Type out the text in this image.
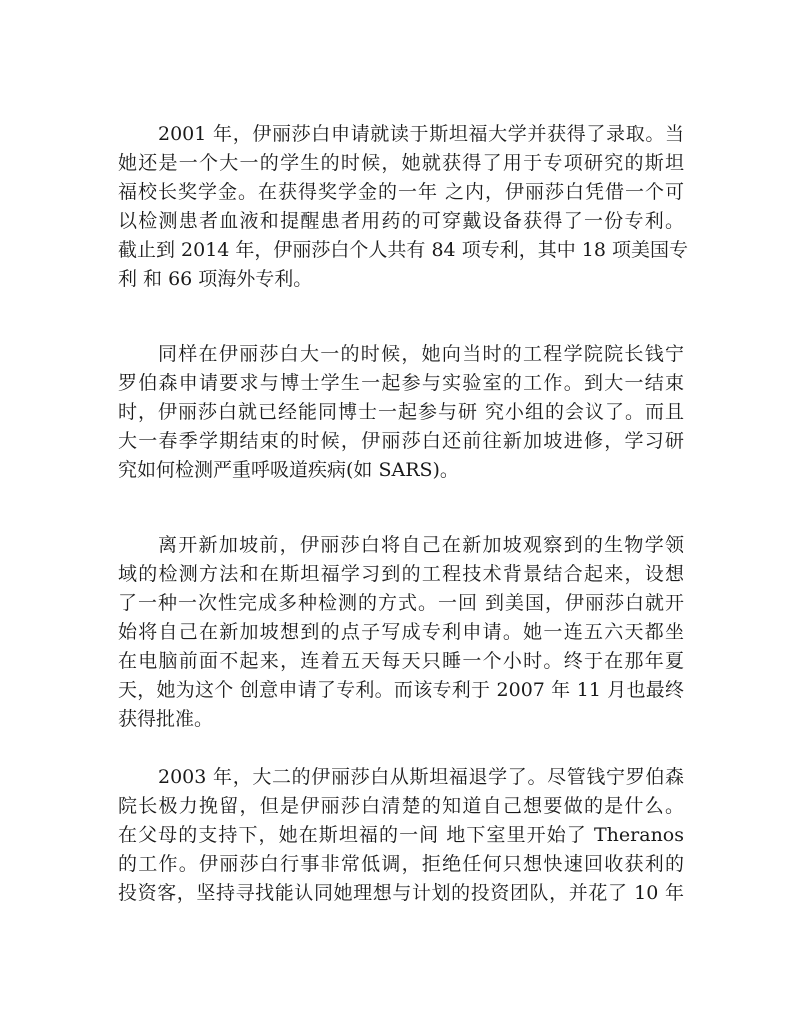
2001 年，伊丽莎白申请就读于斯坦福大学并获得了录取。当
她还是一个大一的学生的时候，她就获得了用于专项研究的斯坦
福校长奖学金。在获得奖学金的一年 之内，伊丽莎白凭借一个可
以检测患者血液和提醒患者用药的可穿戴设备获得了一份专利。
截止到 2014 年，伊丽莎白个人共有 84 项专利，其中 18 项美国专
利 和 66 项海外专利。
同样在伊丽莎白大一的时候，她向当时的工程学院院长钱宁
罗伯森申请要求与博士学生一起参与实验室的工作。到大一结束
时，伊丽莎白就已经能同博士一起参与研 究小组的会议了。而且
大一春季学期结束的时候，伊丽莎白还前往新加坡进修，学习研
究如何检测严重呼吸道疾病(如 SARS)。
离开新加坡前，伊丽莎白将自己在新加坡观察到的生物学领
域的检测方法和在斯坦福学习到的工程技术背景结合起来，设想
了一种一次性完成多种检测的方式。一回 到美国，伊丽莎白就开
始将自己在新加坡想到的点子写成专利申请。她一连五六天都坐
在电脑前面不起来，连着五天每天只睡一个小时。终于在那年夏
天，她为这个 创意申请了专利。而该专利于 2007 年 11 月也最终
获得批准。
2003 年，大二的伊丽莎白从斯坦福退学了。尽管钱宁罗伯森
院长极力挽留，但是伊丽莎白清楚的知道自己想要做的是什么。
在父母的支持下，她在斯坦福的一间 地下室里开始了 Theranos
的工作。伊丽莎白行事非常低调，拒绝任何只想快速回收获利的
投资客，坚持寻找能认同她理想与计划的投资团队，并花了 10 年
